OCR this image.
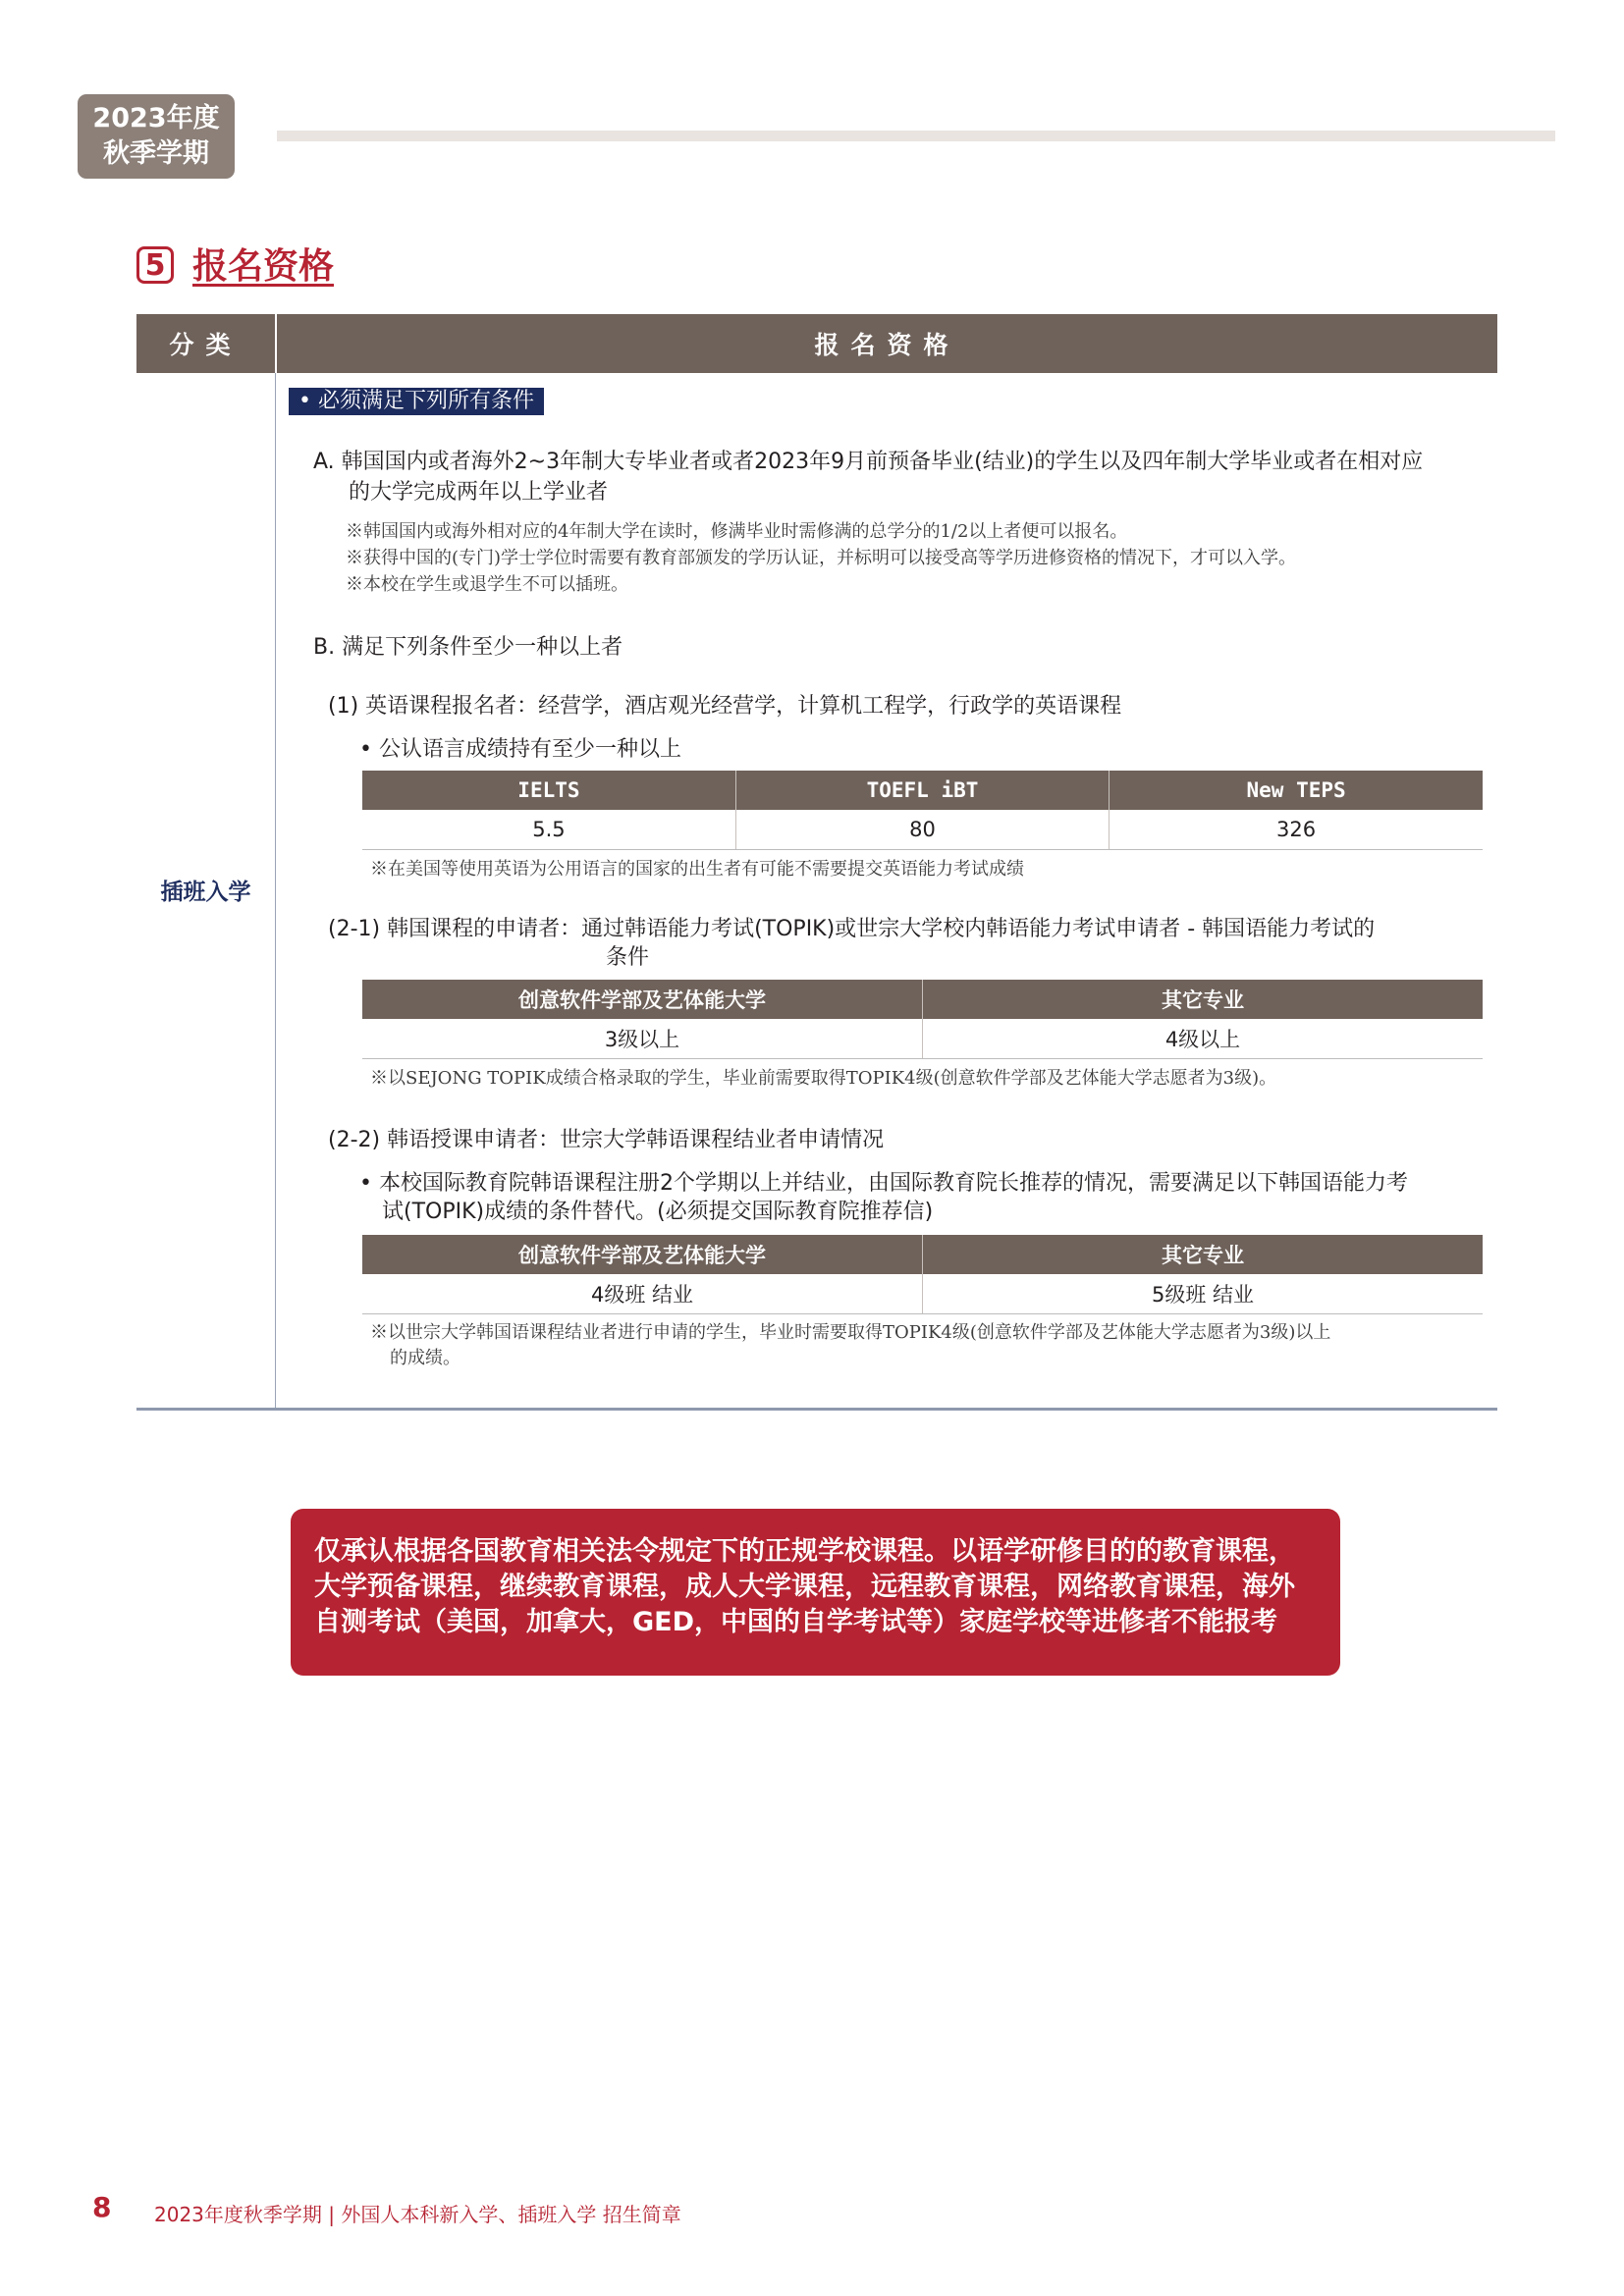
2023年度
秋季学期
5 报名资格
分类	报名资格
插班入学
• 必须满足下列所有条件
A. 韩国国内或者海外2~3年制大专毕业者或者2023年9月前预备毕业(结业)的学生以及四年制大学毕业或者在相对应
的大学完成两年以上学业者
※韩国国内或海外相对应的4年制大学在读时，修满毕业时需修满的总学分的1/2以上者便可以报名。
※获得中国的(专门)学士学位时需要有教育部颁发的学历认证，并标明可以接受高等学历进修资格的情况下，才可以入学。
※本校在学生或退学生不可以插班。
B. 满足下列条件至少一种以上者
(1) 英语课程报名者：经营学，酒店观光经营学，计算机工程学，行政学的英语课程
• 公认语言成绩持有至少一种以上
IELTS	TOEFL iBT	New TEPS
5.5	80	326
※在美国等使用英语为公用语言的国家的出生者有可能不需要提交英语能力考试成绩
(2-1) 韩国课程的申请者：通过韩语能力考试(TOPIK)或世宗大学校内韩语能力考试申请者 - 韩国语能力考试的
条件
创意软件学部及艺体能大学	其它专业
3级以上	4级以上
※以SEJONG TOPIK成绩合格录取的学生，毕业前需要取得TOPIK4级(创意软件学部及艺体能大学志愿者为3级)。
(2-2) 韩语授课申请者：世宗大学韩语课程结业者申请情况
• 本校国际教育院韩语课程注册2个学期以上并结业，由国际教育院长推荐的情况，需要满足以下韩国语能力考
试(TOPIK)成绩的条件替代。(必须提交国际教育院推荐信)
创意软件学部及艺体能大学	其它专业
4级班 结业	5级班 结业
※以世宗大学韩国语课程结业者进行申请的学生，毕业时需要取得TOPIK4级(创意软件学部及艺体能大学志愿者为3级)以上
的成绩。
仅承认根据各国教育相关法令规定下的正规学校课程。以语学研修目的的教育课程，
大学预备课程，继续教育课程，成人大学课程，远程教育课程，网络教育课程，海外
自测考试（美国，加拿大，GED，中国的自学考试等）家庭学校等进修者不能报考
8 2023年度秋季学期 | 外国人本科新入学、插班入学 招生简章
